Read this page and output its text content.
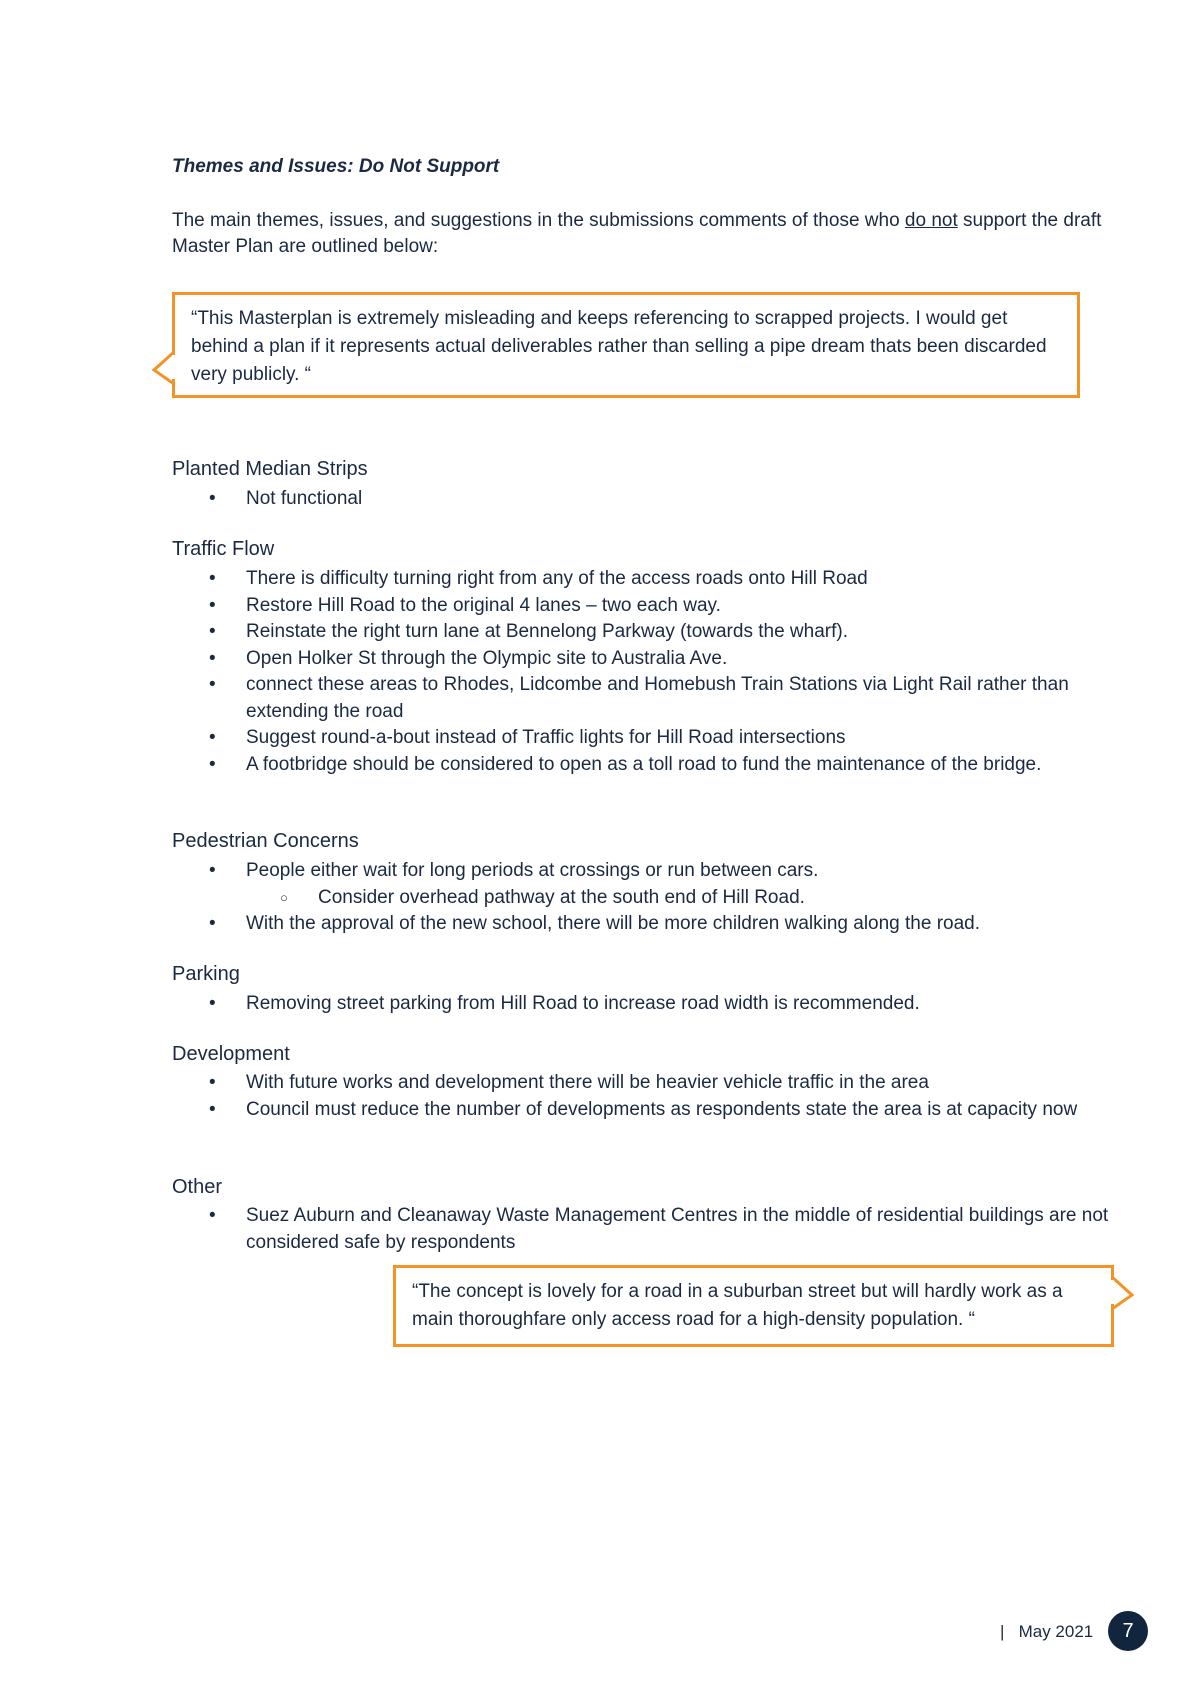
Themes and Issues: Do Not Support
The main themes, issues, and suggestions in the submissions comments of those who do not support the draft Master Plan are outlined below:
“This Masterplan is extremely misleading and keeps referencing to scrapped projects. I would get behind a plan if it represents actual deliverables rather than selling a pipe dream thats been discarded very publicly. “
Planted Median Strips
• Not functional
Traffic Flow
• There is difficulty turning right from any of the access roads onto Hill Road
• Restore Hill Road to the original 4 lanes – two each way.
• Reinstate the right turn lane at Bennelong Parkway (towards the wharf).
• Open Holker St through the Olympic site to Australia Ave.
• connect these areas to Rhodes, Lidcombe and Homebush Train Stations via Light Rail rather than extending the road
• Suggest round-a-bout instead of Traffic lights for Hill Road intersections
• A footbridge should be considered to open as a toll road to fund the maintenance of the bridge.
Pedestrian Concerns
• People either wait for long periods at crossings or run between cars.
○ Consider overhead pathway at the south end of Hill Road.
• With the approval of the new school, there will be more children walking along the road.
Parking
• Removing street parking from Hill Road to increase road width is recommended.
Development
• With future works and development there will be heavier vehicle traffic in the area
• Council must reduce the number of developments as respondents state the area is at capacity now
Other
• Suez Auburn and Cleanaway Waste Management Centres in the middle of residential buildings are not considered safe by respondents
“The concept is lovely for a road in a suburban street but will hardly work as a main thoroughfare only access road for a high-density population. “
|   May 2021	7
